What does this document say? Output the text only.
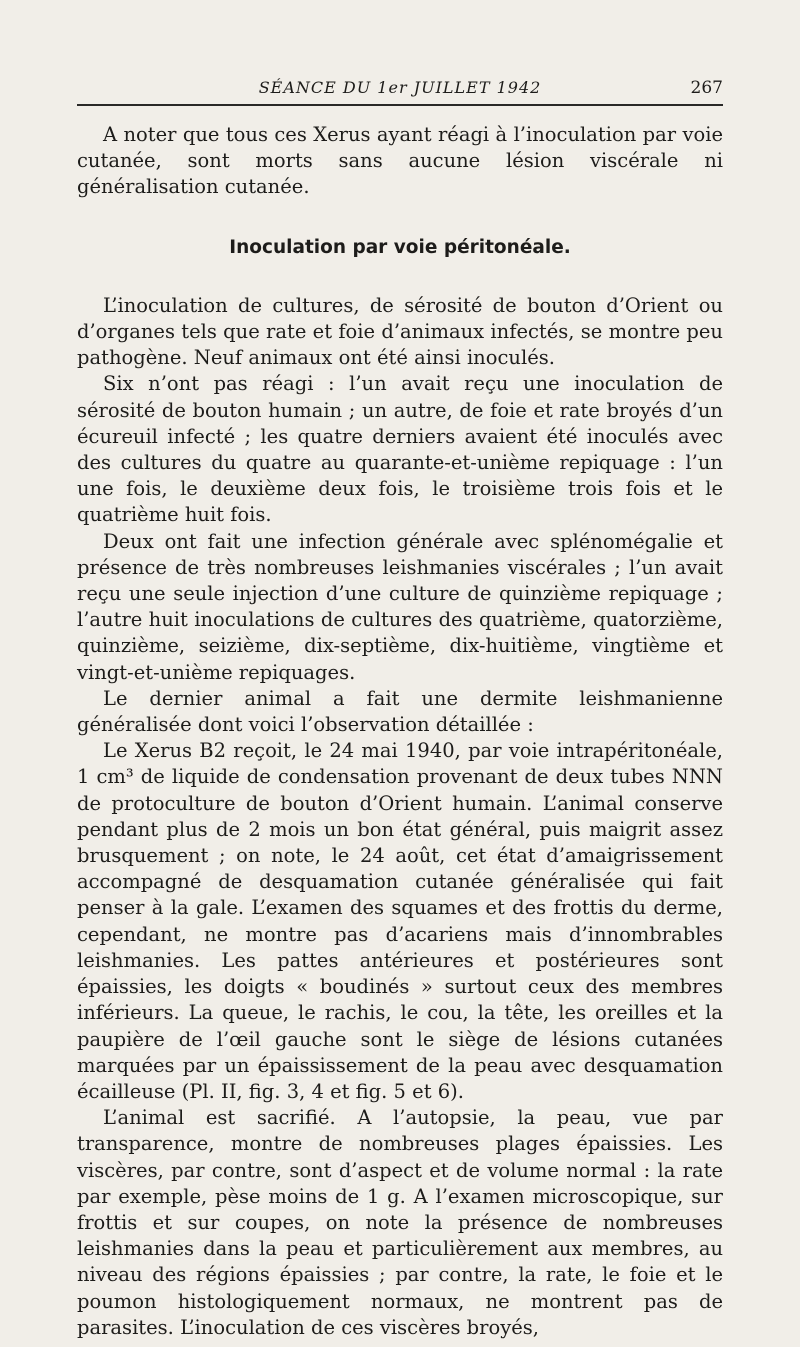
SÉANCE DU 1er JUILLET 1942	267

A noter que tous ces Xerus ayant réagi à l’inoculation par voie cutanée, sont morts sans aucune lésion viscérale ni généralisation cutanée.

Inoculation par voie péritonéale.

L’inoculation de cultures, de sérosité de bouton d’Orient ou d’organes tels que rate et foie d’animaux infectés, se montre peu pathogène. Neuf animaux ont été ainsi inoculés.

Six n’ont pas réagi : l’un avait reçu une inoculation de sérosité de bouton humain ; un autre, de foie et rate broyés d’un écureuil infecté ; les quatre derniers avaient été inoculés avec des cultures du quatre au quarante-et-unième repiquage : l’un une fois, le deuxième deux fois, le troisième trois fois et le quatrième huit fois.

Deux ont fait une infection générale avec splénomégalie et présence de très nombreuses leishmanies viscérales ; l’un avait reçu une seule injection d’une culture de quinzième repiquage ; l’autre huit inoculations de cultures des quatrième, quatorzième, quinzième, seizième, dix-septième, dix-huitième, vingtième et vingt-et-unième repiquages.

Le dernier animal a fait une dermite leishmanienne généralisée dont voici l’observation détaillée :

Le Xerus B2 reçoit, le 24 mai 1940, par voie intrapéritonéale, 1 cm³ de liquide de condensation provenant de deux tubes NNN de protoculture de bouton d’Orient humain. L’animal conserve pendant plus de 2 mois un bon état général, puis maigrit assez brusquement ; on note, le 24 août, cet état d’amaigrissement accompagné de desquamation cutanée généralisée qui fait penser à la gale. L’examen des squames et des frottis du derme, cependant, ne montre pas d’acariens mais d’innombrables leishmanies. Les pattes antérieures et postérieures sont épaissies, les doigts « boudinés » surtout ceux des membres inférieurs. La queue, le rachis, le cou, la tête, les oreilles et la paupière de l’œil gauche sont le siège de lésions cutanées marquées par un épaississement de la peau avec desquamation écailleuse (Pl. II, fig. 3, 4 et fig. 5 et 6).

L’animal est sacrifié. A l’autopsie, la peau, vue par transparence, montre de nombreuses plages épaissies. Les viscères, par contre, sont d’aspect et de volume normal : la rate par exemple, pèse moins de 1 g. A l’examen microscopique, sur frottis et sur coupes, on note la présence de nombreuses leishmanies dans la peau et particulièrement aux membres, au niveau des régions épaissies ; par contre, la rate, le foie et le poumon histologiquement normaux, ne montrent pas de parasites. L’inoculation de ces viscères broyés,
